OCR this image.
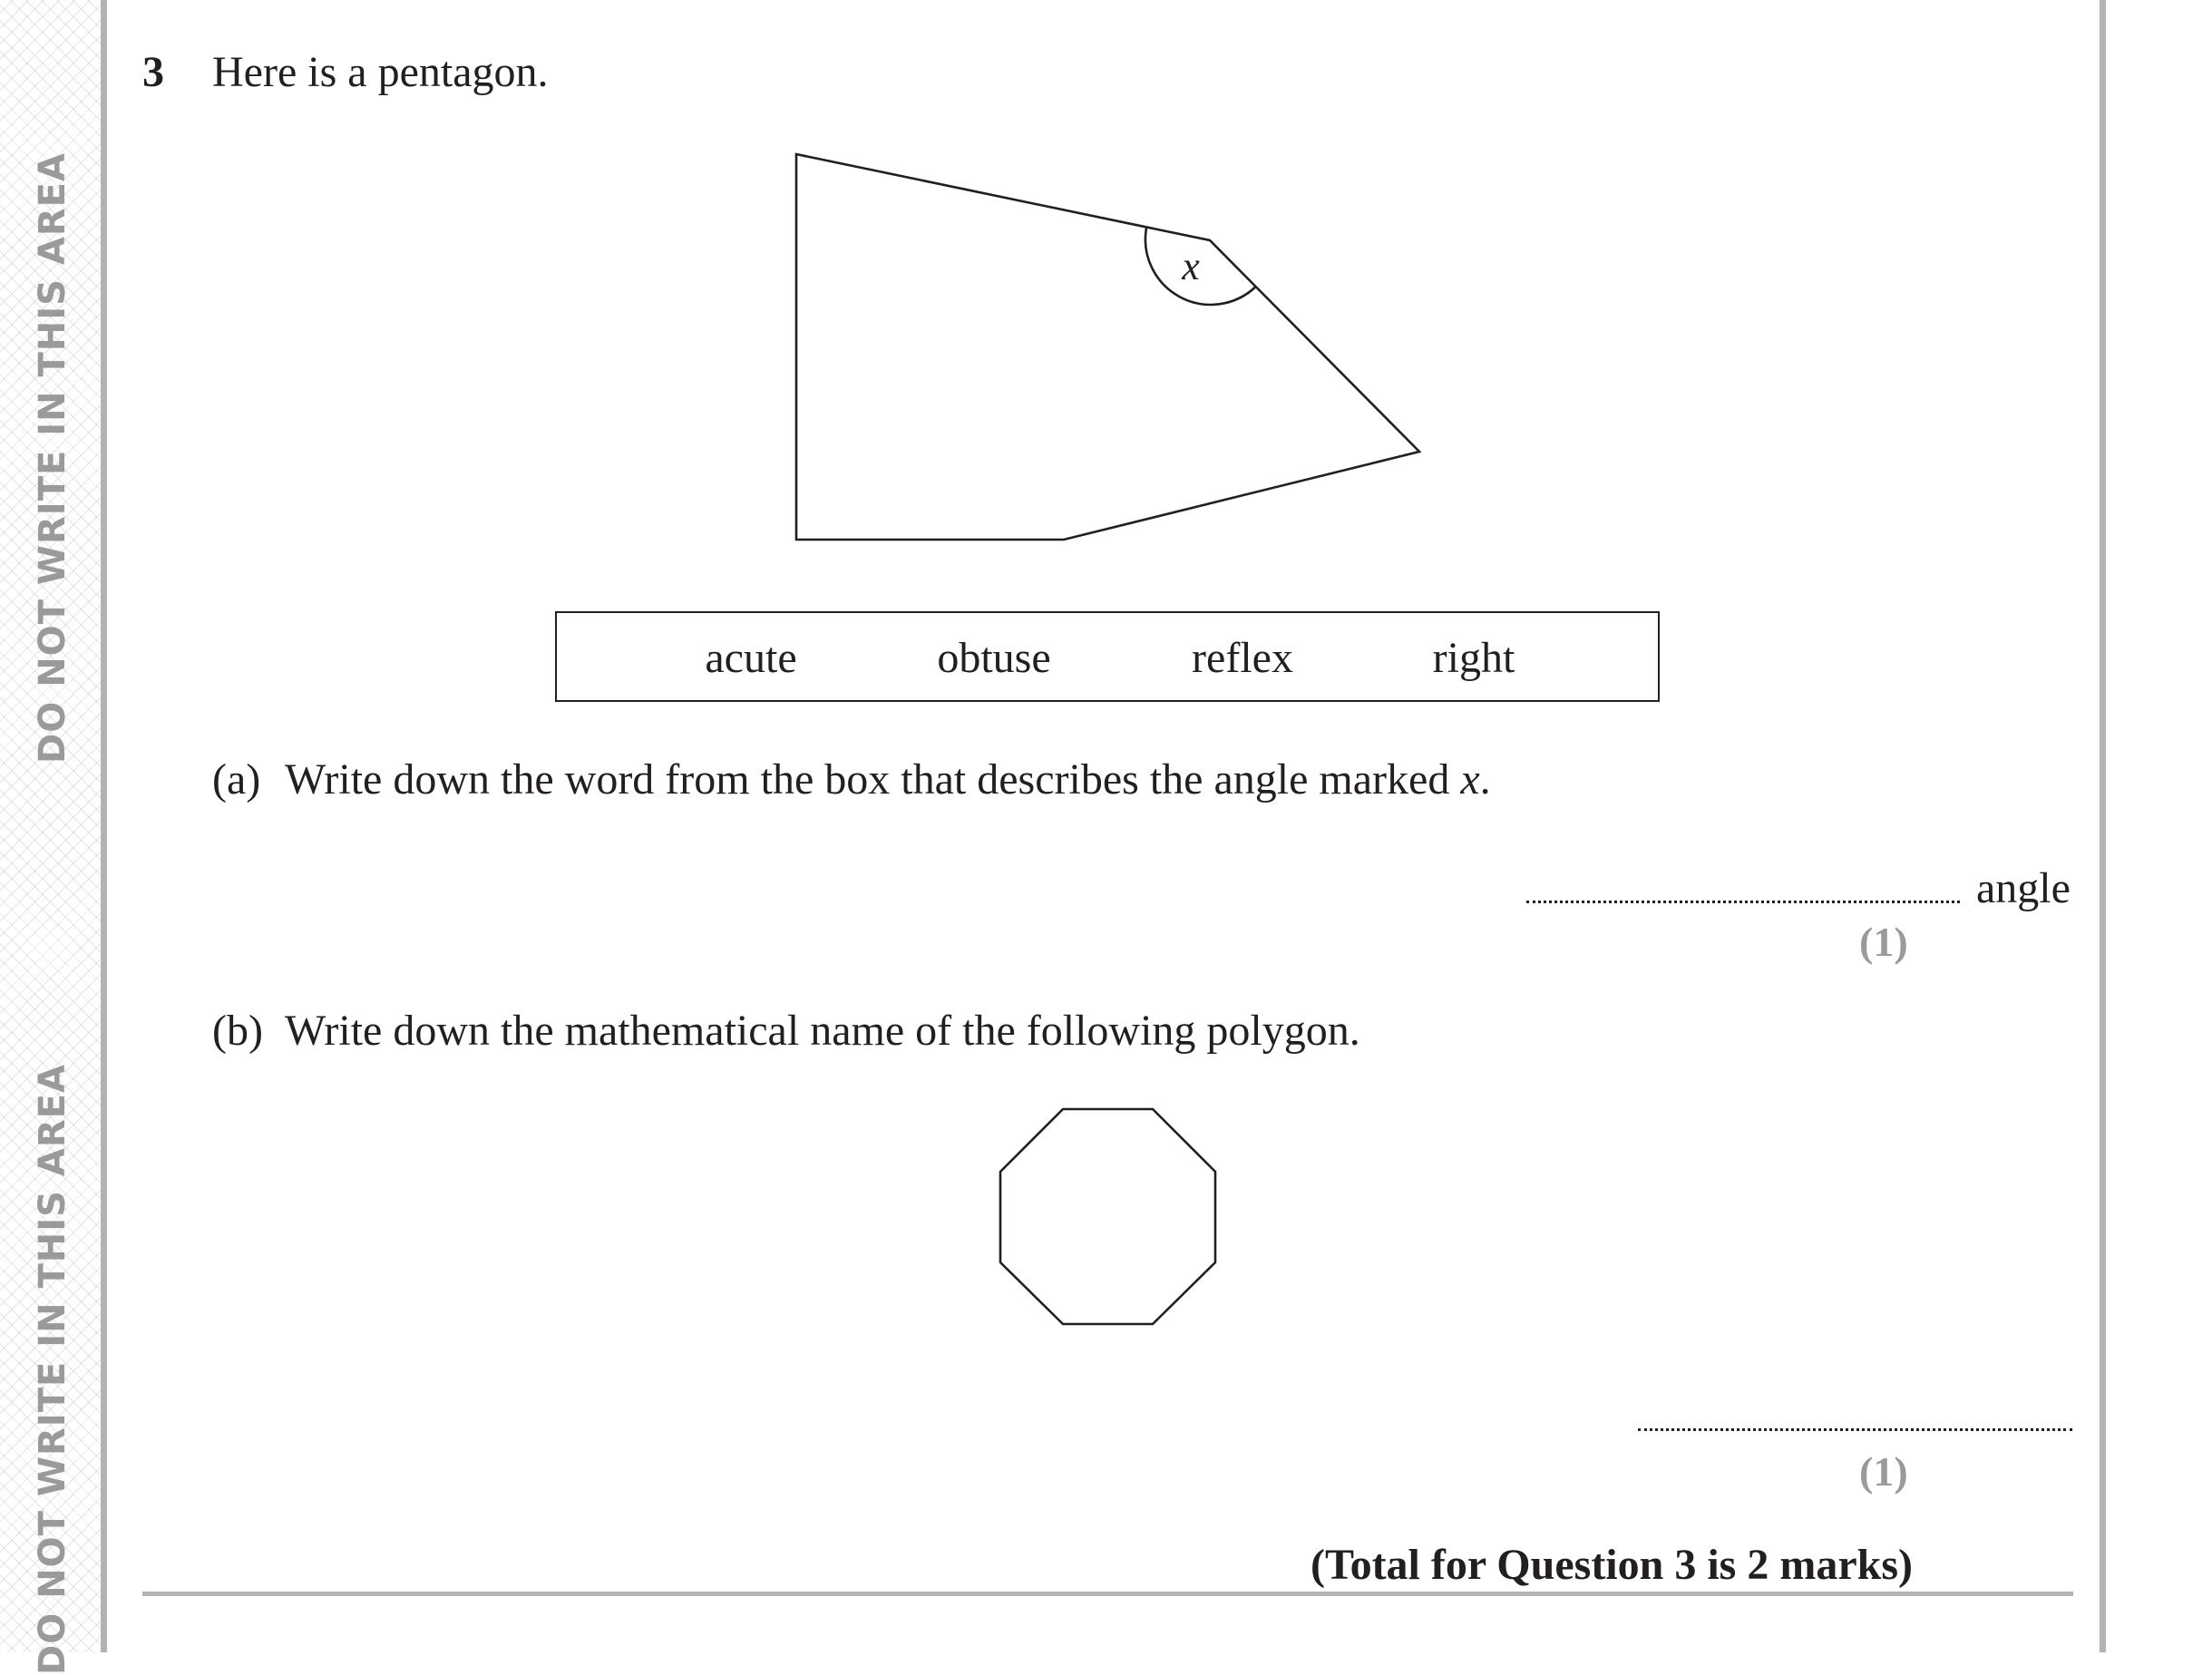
DO NOT WRITE IN THIS AREA
DO NOT WRITE IN THIS AREA
3 Here is a pentagon.
x
acute	obtuse	reflex	right
(a) Write down the word from the box that describes the angle marked x.
angle
(1)
(b) Write down the mathematical name of the following polygon.
(1)
(Total for Question 3 is 2 marks)
